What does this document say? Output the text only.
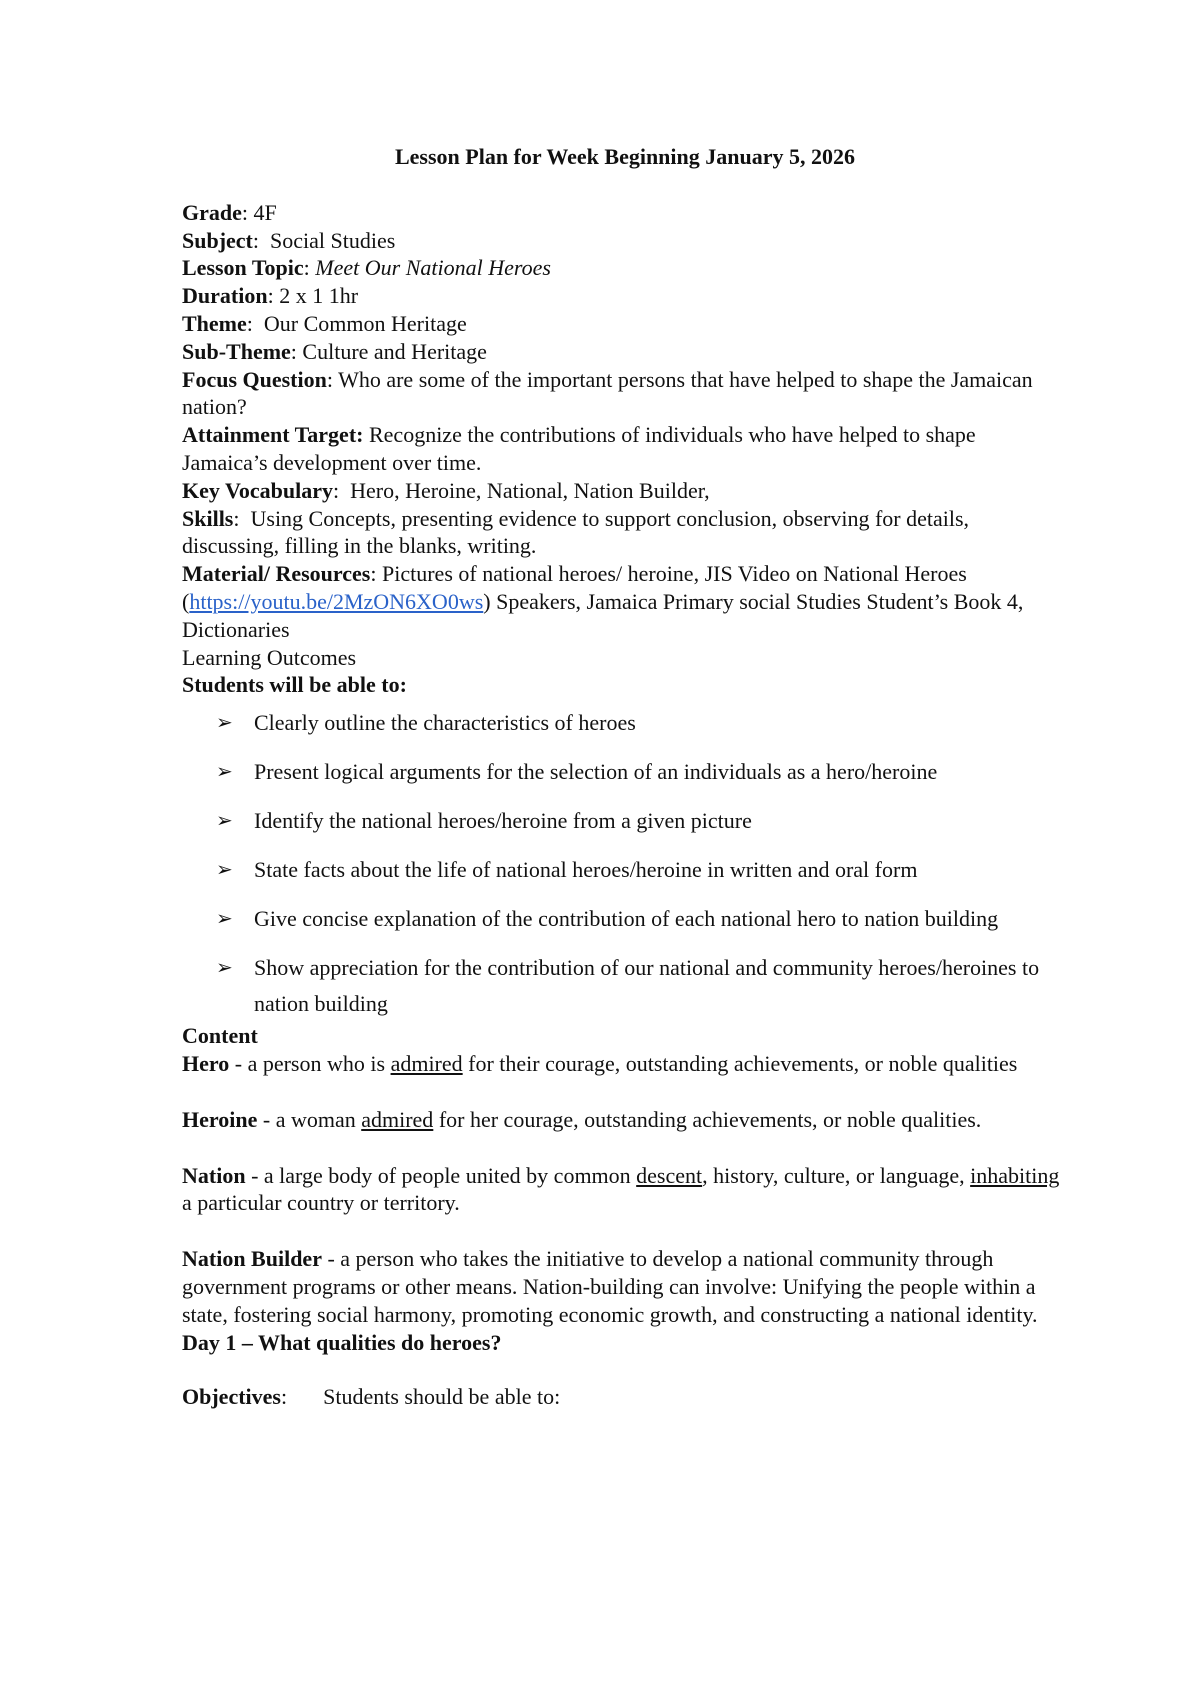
Lesson Plan for Week Beginning January 5, 2026

Grade: 4F

Subject:  Social Studies

Lesson Topic: Meet Our National Heroes

Duration: 2 x 1 1hr

Theme:  Our Common Heritage

Sub-Theme: Culture and Heritage

Focus Question: Who are some of the important persons that have helped to shape the Jamaican nation?

Attainment Target: Recognize the contributions of individuals who have helped to shape Jamaica’s development over time.

Key Vocabulary:  Hero, Heroine, National, Nation Builder,

Skills:  Using Concepts, presenting evidence to support conclusion, observing for details, discussing, filling in the blanks, writing.

Material/ Resources: Pictures of national heroes/ heroine, JIS Video on National Heroes (https://youtu.be/2MzON6XO0ws) Speakers, Jamaica Primary social Studies Student’s Book 4, Dictionaries

Learning Outcomes

Students will be able to:

➢ Clearly outline the characteristics of heroes
➢ Present logical arguments for the selection of an individuals as a hero/heroine
➢ Identify the national heroes/heroine from a given picture
➢ State facts about the life of national heroes/heroine in written and oral form
➢ Give concise explanation of the contribution of each national hero to nation building
➢ Show appreciation for the contribution of our national and community heroes/heroines to nation building

Content

Hero - a person who is admired for their courage, outstanding achievements, or noble qualities

Heroine - a woman admired for her courage, outstanding achievements, or noble qualities.

Nation - a large body of people united by common descent, history, culture, or language, inhabiting a particular country or territory.

Nation Builder - a person who takes the initiative to develop a national community through government programs or other means. Nation-building can involve: Unifying the people within a state, fostering social harmony, promoting economic growth, and constructing a national identity.

Day 1 – What qualities do heroes?

Objectives: Students should be able to:
